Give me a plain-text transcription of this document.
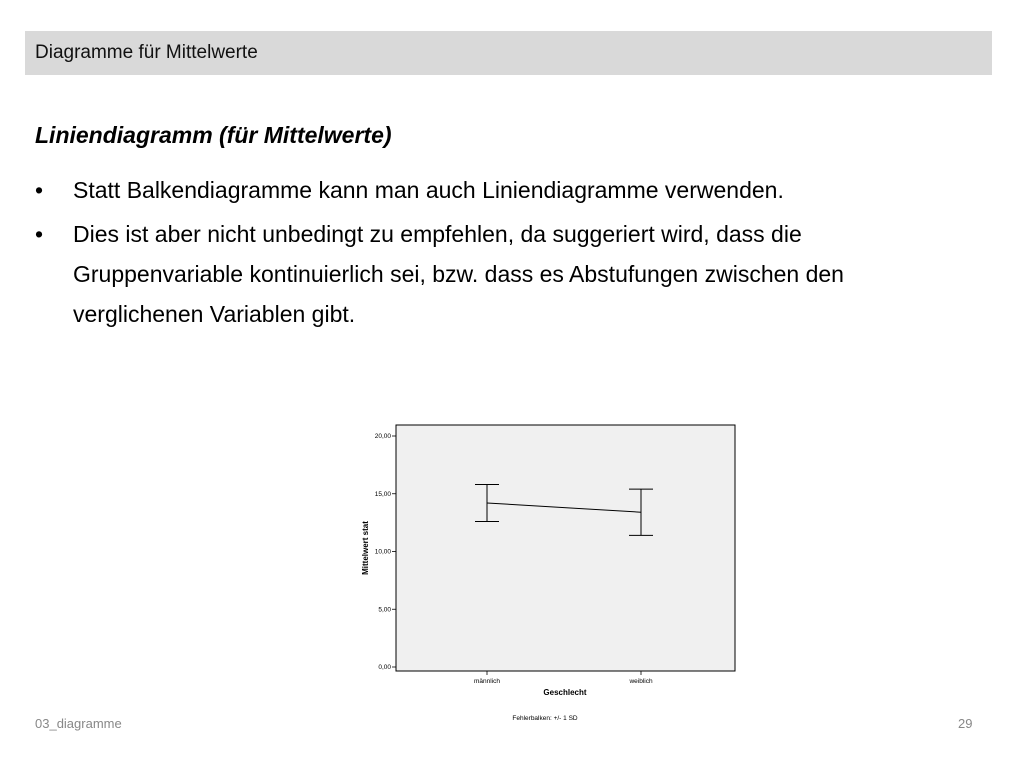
Diagramme für Mittelwerte
Liniendiagramm (für Mittelwerte)
• Statt Balkendiagramme kann man auch Liniendiagramme verwenden.
• Dies ist aber nicht unbedingt zu empfehlen, da suggeriert wird, dass die Gruppenvariable kontinuierlich sei, bzw. dass es Abstufungen zwischen den verglichenen Variablen gibt.
0,00
5,00
10,00
15,00
20,00
männlich	weiblich
Mittelwert stat
Geschlecht
Fehlerbalken: +/- 1 SD
03_diagramme	29
